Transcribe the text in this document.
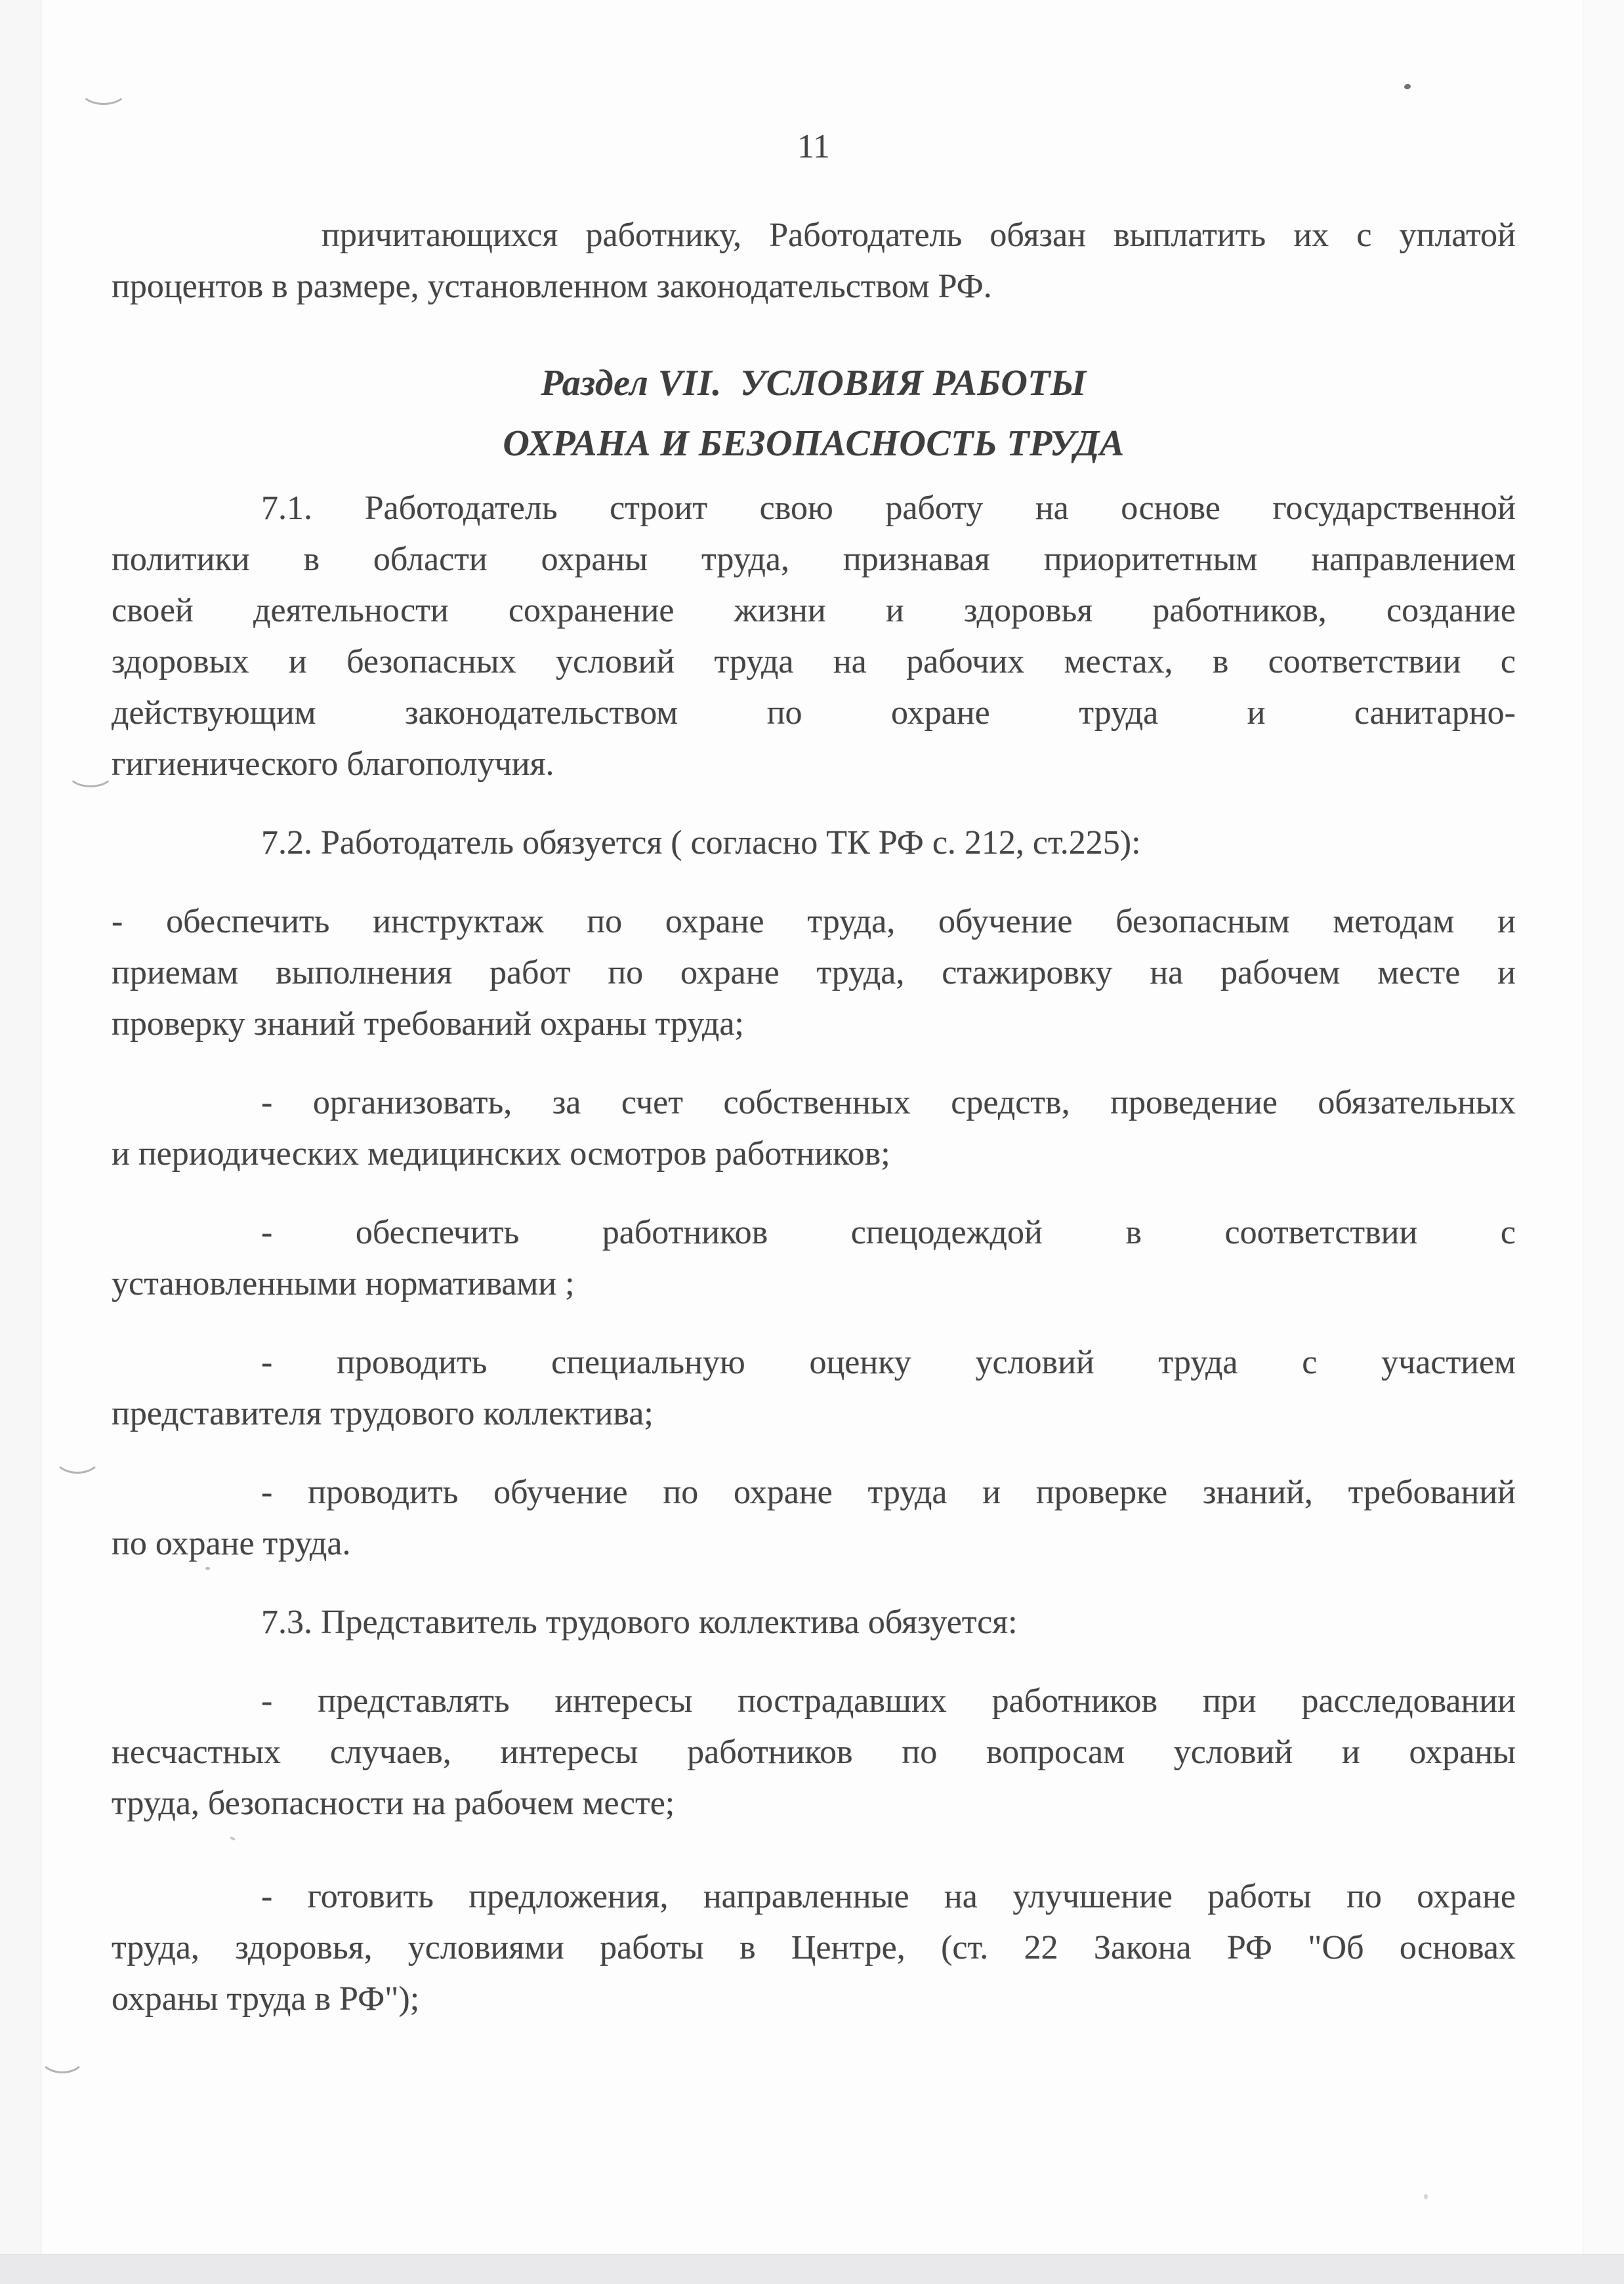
11
причитающихся работнику, Работодатель обязан выплатить их с уплатой
процентов в размере, установленном законодательством РФ.
Раздел VII. УСЛОВИЯ РАБОТЫ
ОХРАНА И БЕЗОПАСНОСТЬ ТРУДА
7.1. Работодатель строит свою работу на основе государственной
политики в области охраны труда, признавая приоритетным направлением
своей деятельности сохранение жизни и здоровья работников, создание
здоровых и безопасных условий труда на рабочих местах, в соответствии с
действующим законодательством по охране труда и санитарно-
гигиенического благополучия.
7.2. Работодатель обязуется ( согласно ТК РФ с. 212, ст.225):
- обеспечить инструктаж по охране труда, обучение безопасным методам и
приемам выполнения работ по охране труда, стажировку на рабочем месте и
проверку знаний требований охраны труда;
- организовать, за счет собственных средств, проведение обязательных
и периодических медицинских осмотров работников;
- обеспечить работников спецодеждой в соответствии с
установленными нормативами ;
- проводить специальную оценку условий труда с участием
представителя трудового коллектива;
- проводить обучение по охране труда и проверке знаний, требований
по охране труда.
7.3. Представитель трудового коллектива обязуется:
- представлять интересы пострадавших работников при расследовании
несчастных случаев, интересы работников по вопросам условий и охраны
труда, безопасности на рабочем месте;
- готовить предложения, направленные на улучшение работы по охране
труда, здоровья, условиями работы в Центре, (ст. 22 Закона РФ "Об основах
охраны труда в РФ");
